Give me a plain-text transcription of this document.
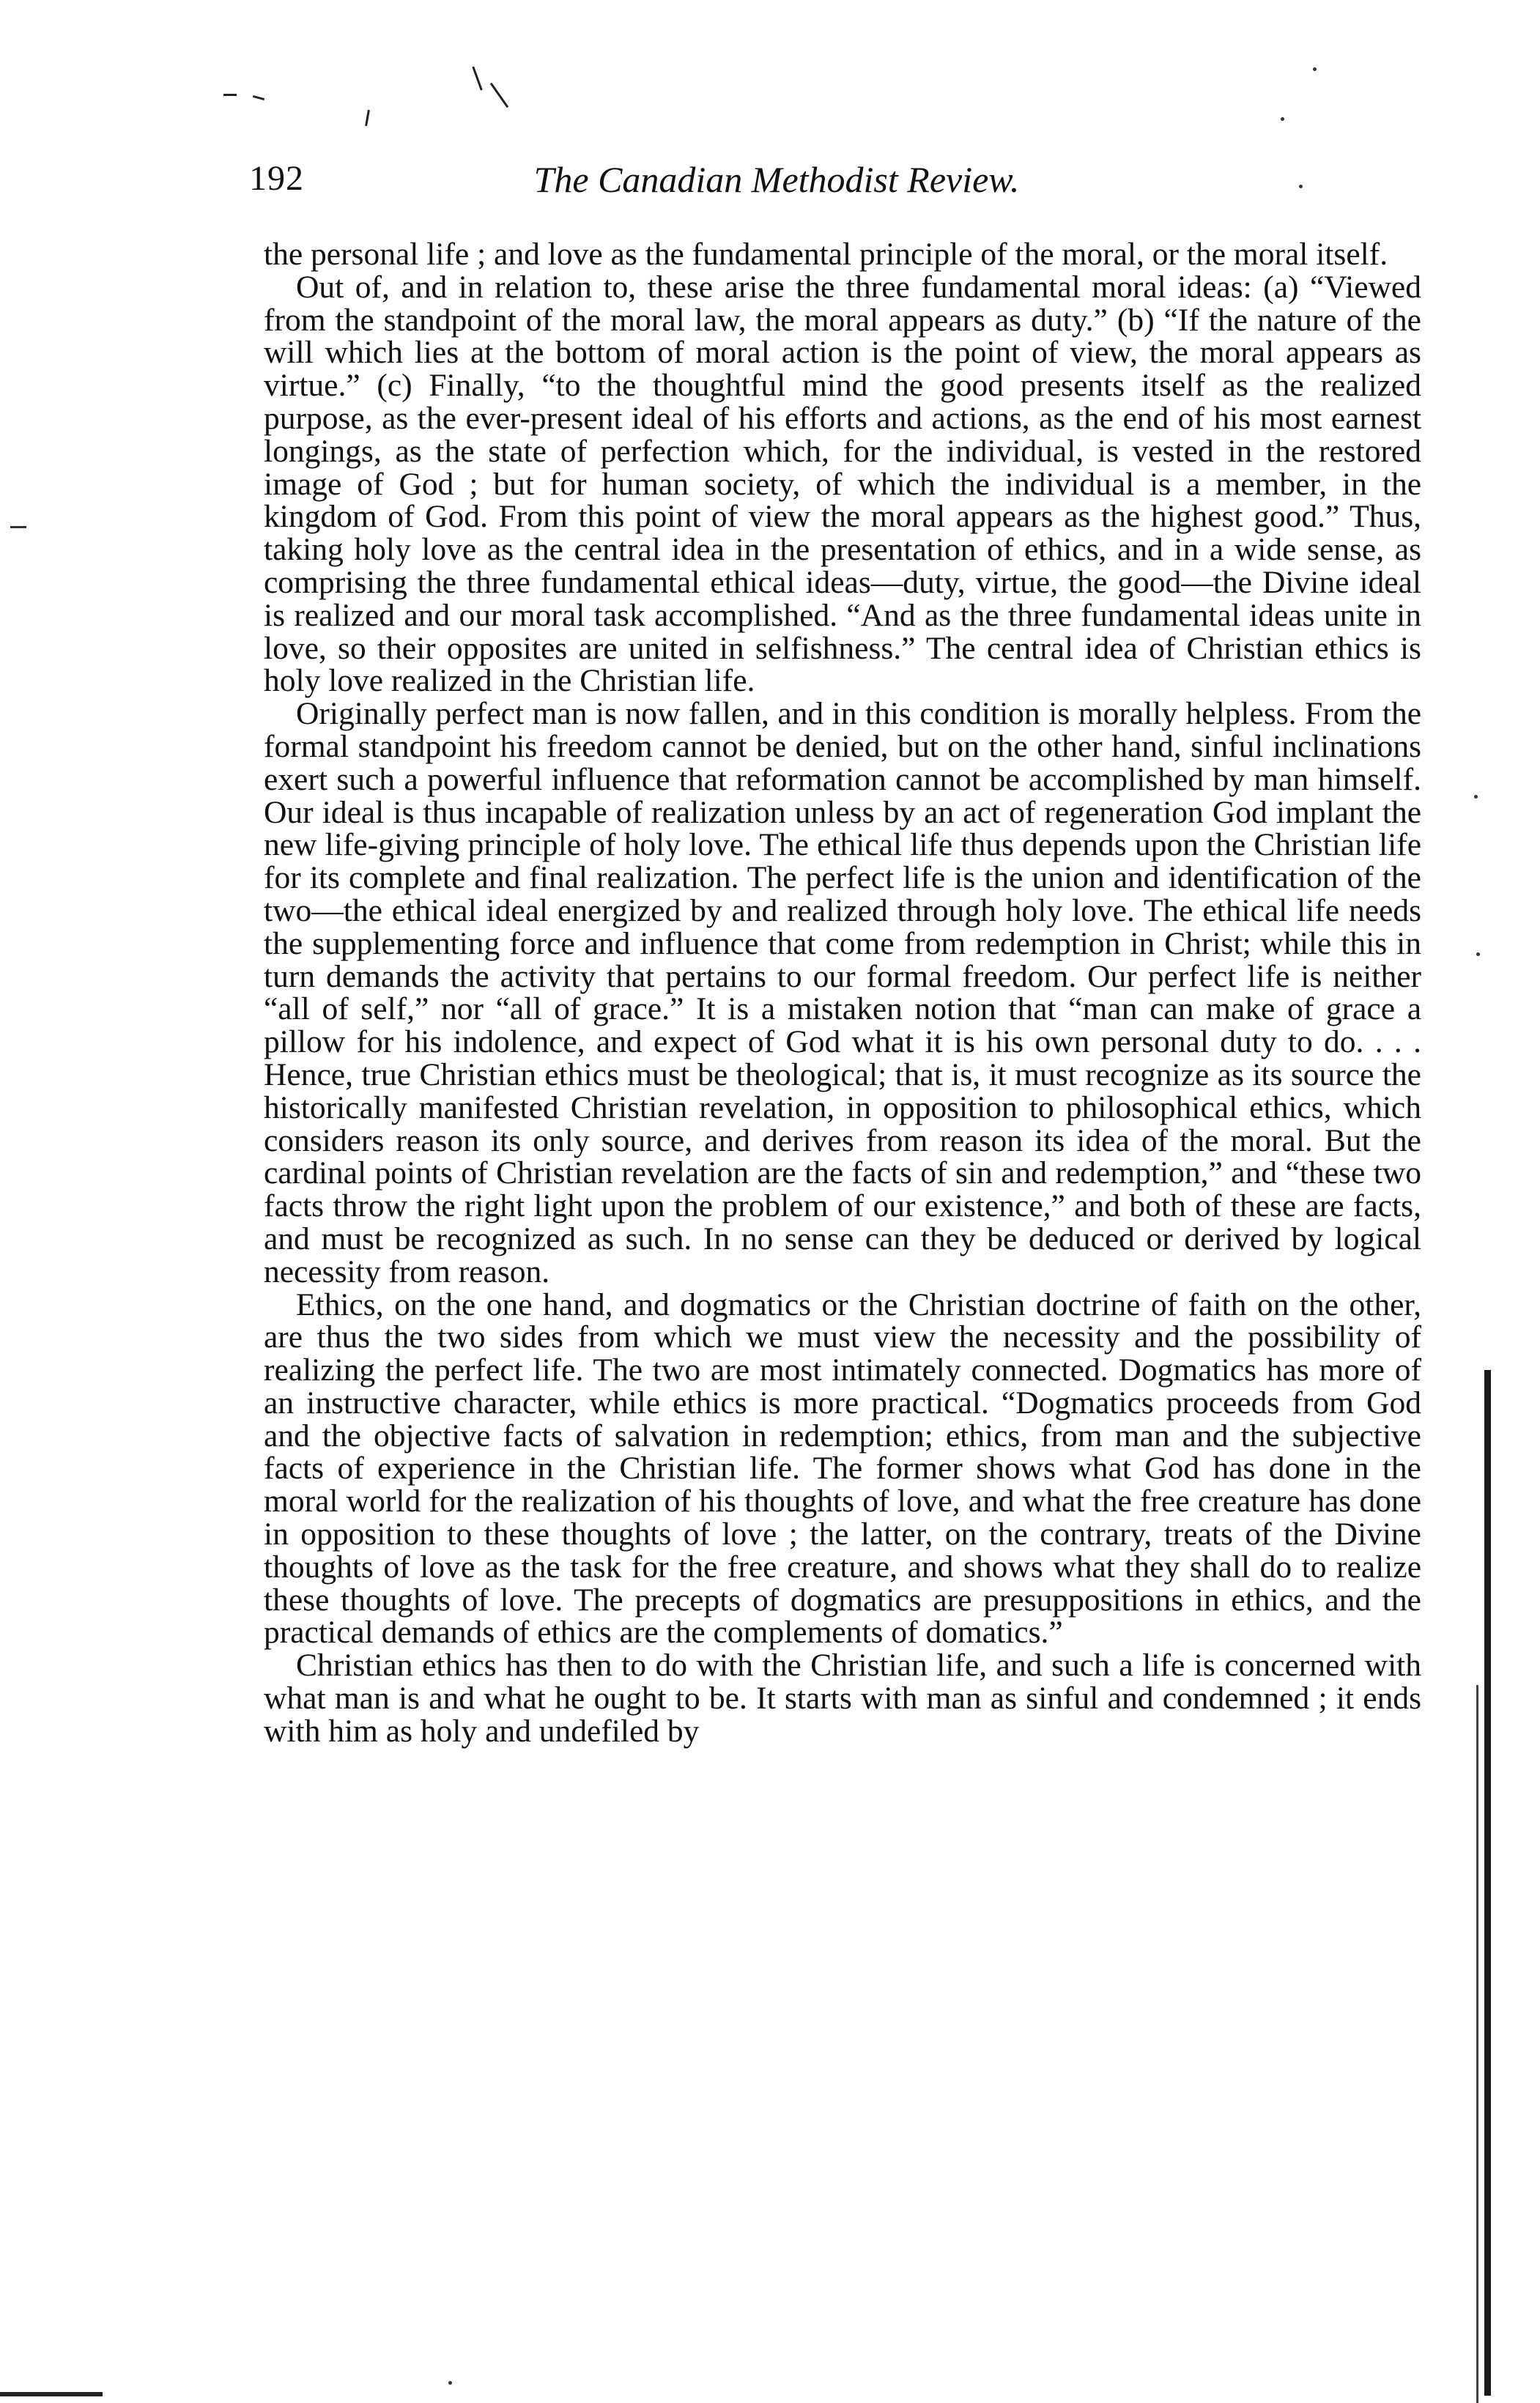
192	The Canadian Methodist Review.

the personal life ; and love as the fundamental principle of the moral, or the moral itself.

Out of, and in relation to, these arise the three fundamental moral ideas: (a) “Viewed from the standpoint of the moral law, the moral appears as duty.” (b) “If the nature of the will which lies at the bottom of moral action is the point of view, the moral appears as virtue.” (c) Finally, “to the thoughtful mind the good presents itself as the realized purpose, as the ever-present ideal of his efforts and actions, as the end of his most earnest longings, as the state of perfection which, for the individual, is vested in the restored image of God ; but for human society, of which the individual is a member, in the kingdom of God. From this point of view the moral appears as the highest good.” Thus, taking holy love as the central idea in the presentation of ethics, and in a wide sense, as comprising the three fundamental ethical ideas—duty, virtue, the good—the Divine ideal is realized and our moral task accomplished. “And as the three fundamental ideas unite in love, so their opposites are united in selfishness.” The central idea of Christian ethics is holy love realized in the Christian life.

Originally perfect man is now fallen, and in this condition is morally helpless. From the formal standpoint his freedom cannot be denied, but on the other hand, sinful inclinations exert such a powerful influence that reformation cannot be accomplished by man himself. Our ideal is thus incapable of realization unless by an act of regeneration God implant the new life-giving principle of holy love. The ethical life thus depends upon the Christian life for its complete and final realization. The perfect life is the union and identification of the two—the ethical ideal energized by and realized through holy love. The ethical life needs the supplementing force and influence that come from redemption in Christ; while this in turn demands the activity that pertains to our formal freedom. Our perfect life is neither “all of self,” nor “all of grace.” It is a mistaken notion that “man can make of grace a pillow for his indolence, and expect of God what it is his own personal duty to do. . . . Hence, true Christian ethics must be theological; that is, it must recognize as its source the historically manifested Christian revelation, in opposition to philosophical ethics, which considers reason its only source, and derives from reason its idea of the moral. But the cardinal points of Christian revelation are the facts of sin and redemption,” and “these two facts throw the right light upon the problem of our existence,” and both of these are facts, and must be recognized as such. In no sense can they be deduced or derived by logical necessity from reason.

Ethics, on the one hand, and dogmatics or the Christian doctrine of faith on the other, are thus the two sides from which we must view the necessity and the possibility of realizing the perfect life. The two are most intimately connected. Dogmatics has more of an instructive character, while ethics is more practical. “Dogmatics proceeds from God and the objective facts of salvation in redemption; ethics, from man and the subjective facts of experience in the Christian life. The former shows what God has done in the moral world for the realization of his thoughts of love, and what the free creature has done in opposition to these thoughts of love ; the latter, on the contrary, treats of the Divine thoughts of love as the task for the free creature, and shows what they shall do to realize these thoughts of love. The precepts of dogmatics are presuppositions in ethics, and the practical demands of ethics are the complements of domatics.”

Christian ethics has then to do with the Christian life, and such a life is concerned with what man is and what he ought to be. It starts with man as sinful and condemned ; it ends with him as holy and undefiled by
